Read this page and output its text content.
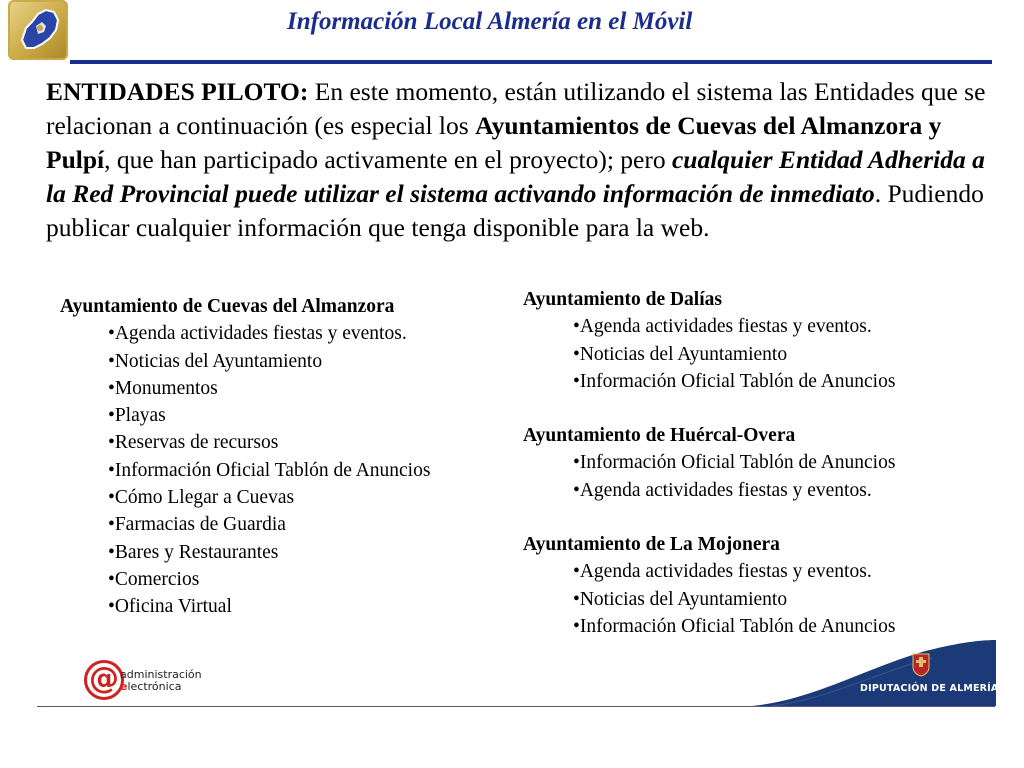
Información Local Almería en el Móvil
ENTIDADES PILOTO: En este momento, están utilizando el sistema las Entidades que se relacionan a continuación (es especial los Ayuntamientos de Cuevas del Almanzora y Pulpí, que han participado activamente en el proyecto); pero cualquier Entidad Adherida a la Red Provincial puede utilizar el sistema activando información de inmediato. Pudiendo publicar cualquier información que tenga disponible para la web.
Ayuntamiento de Cuevas del Almanzora
•Agenda actividades fiestas y eventos.
•Noticias del Ayuntamiento
•Monumentos
•Playas
•Reservas de recursos
•Información Oficial Tablón de Anuncios
•Cómo Llegar a Cuevas
•Farmacias de Guardia
•Bares y Restaurantes
•Comercios
•Oficina Virtual
Ayuntamiento de Dalías
•Agenda actividades fiestas y eventos.
•Noticias del Ayuntamiento
•Información Oficial Tablón de Anuncios
Ayuntamiento de Huércal-Overa
•Información Oficial Tablón de Anuncios
•Agenda actividades fiestas y eventos.
Ayuntamiento de La Mojonera
•Agenda actividades fiestas y eventos.
•Noticias del Ayuntamiento
•Información Oficial Tablón de Anuncios
@ administración
electrónica	DIPUTACIÓN DE ALMERÍA
